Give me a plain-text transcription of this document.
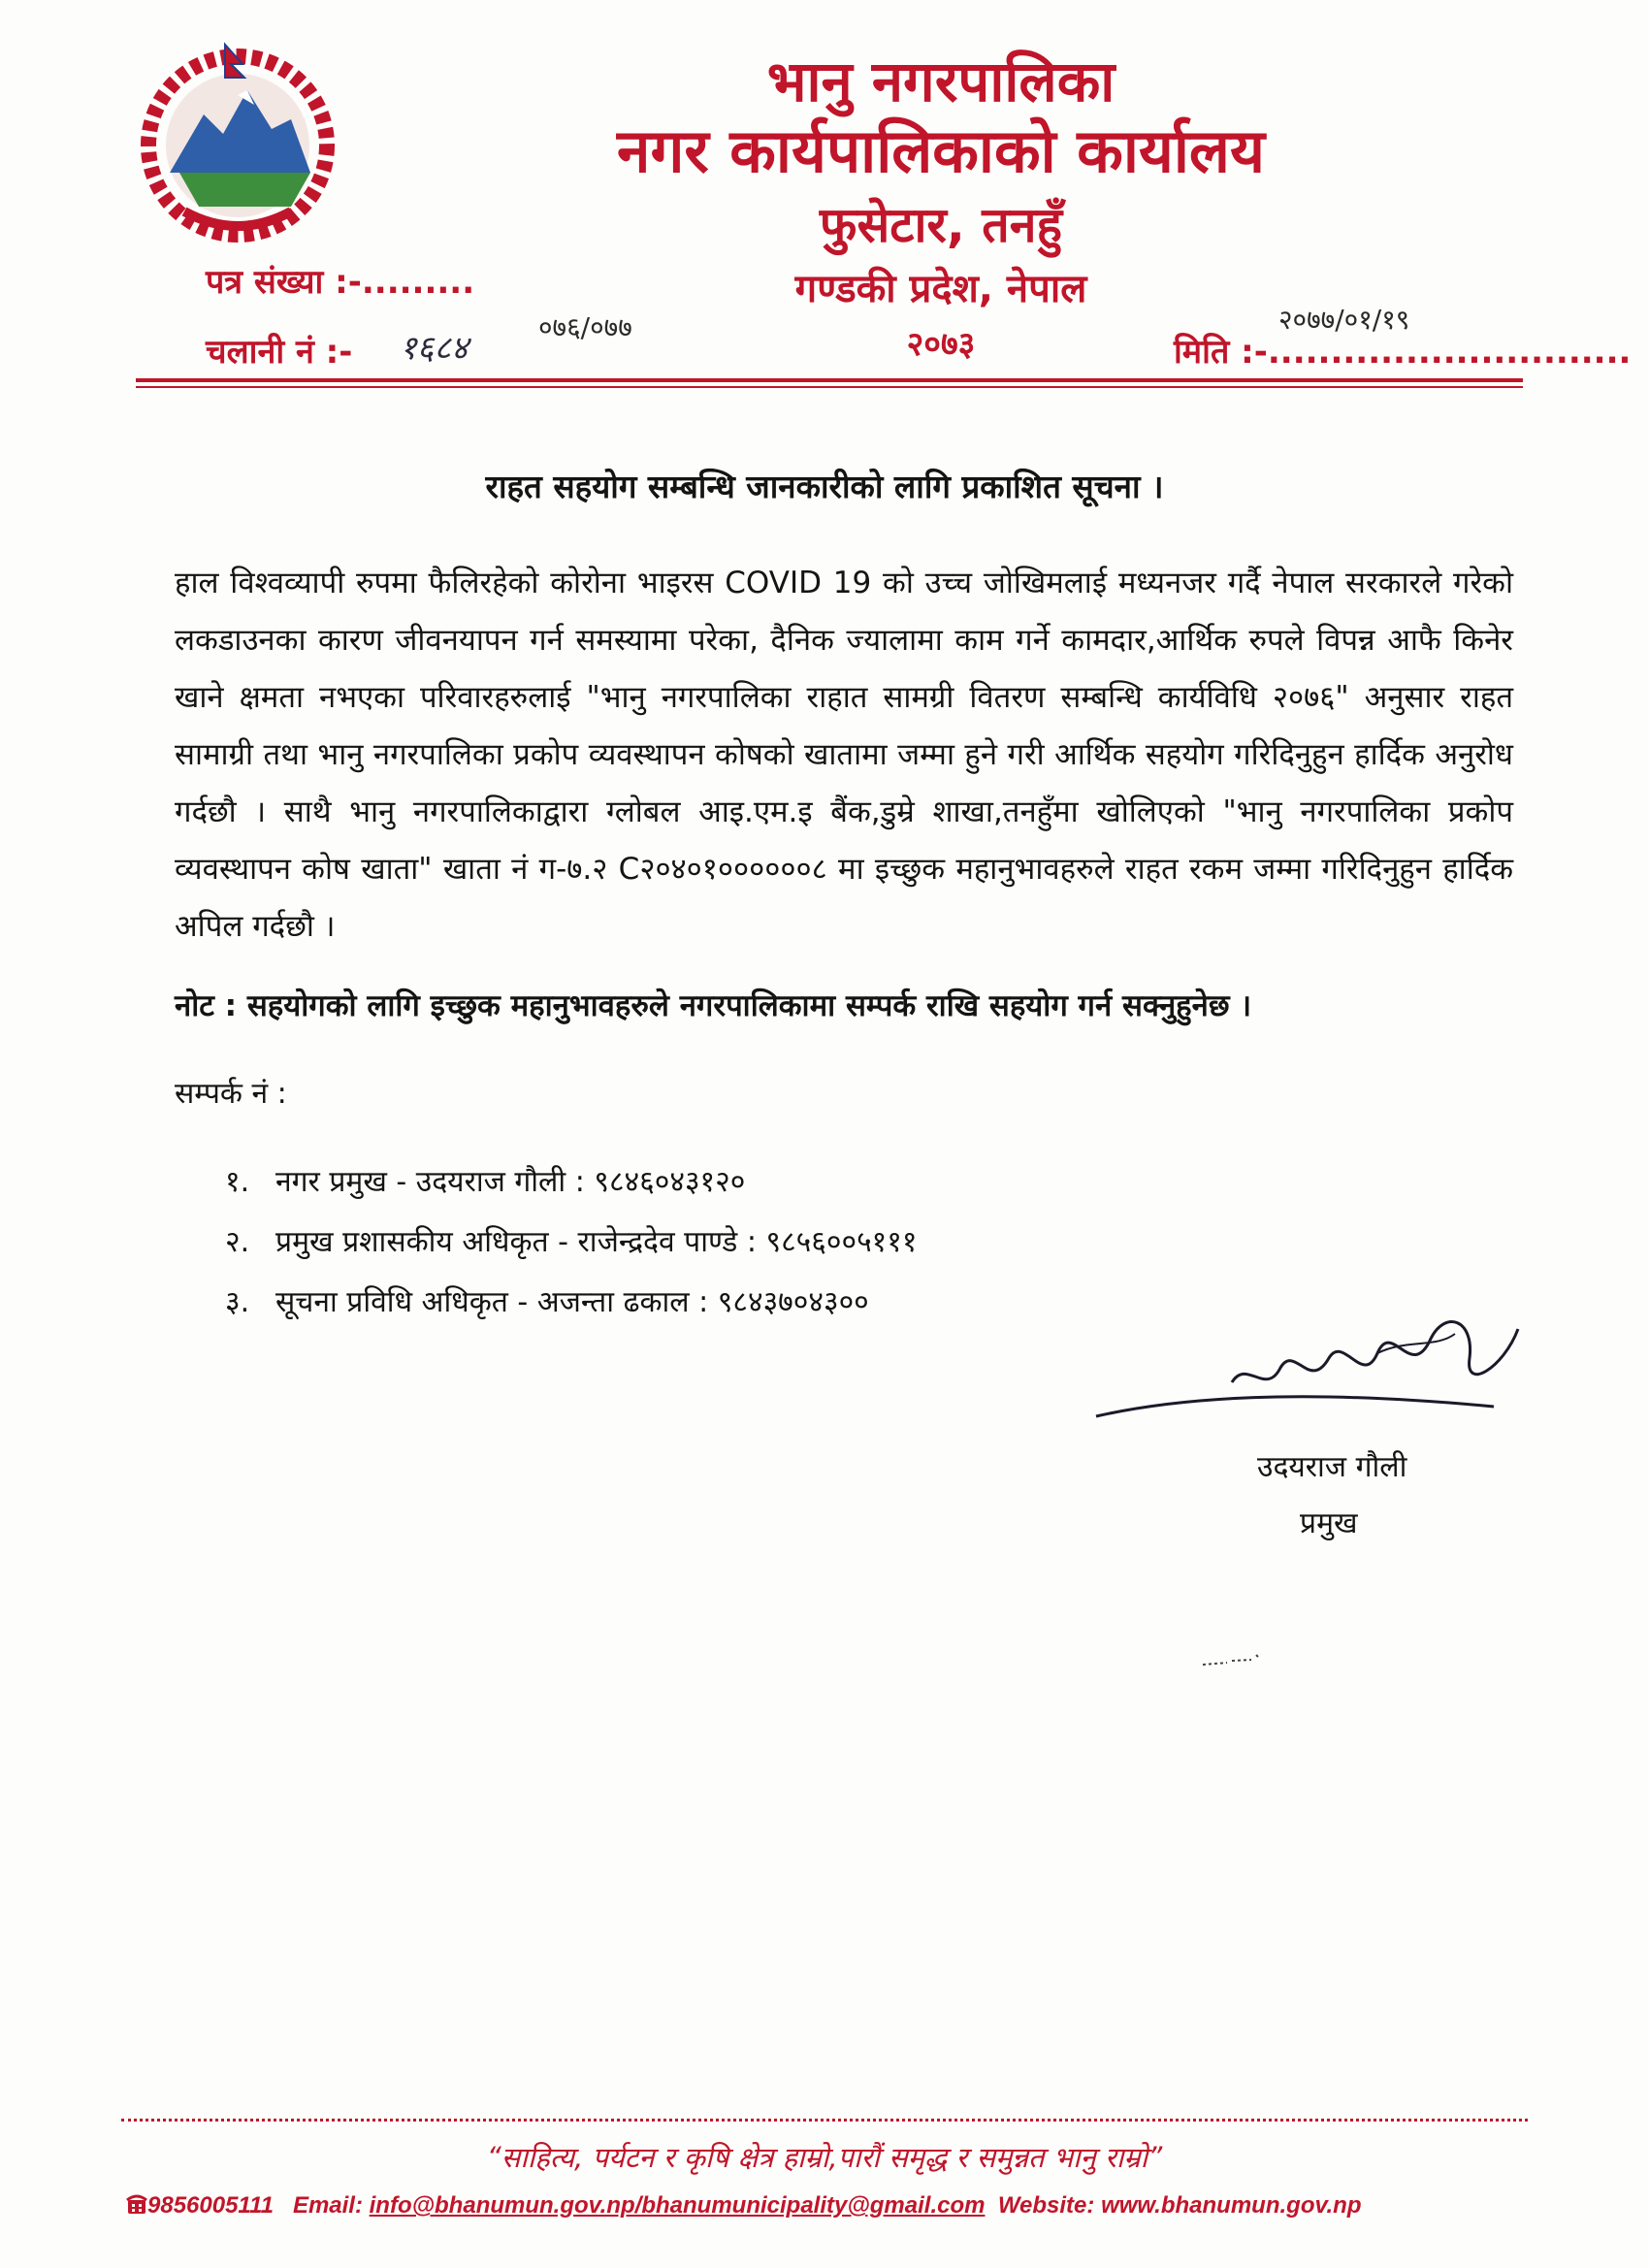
भानु नगरपालिका
नगर कार्यपालिकाको कार्यालय
फुसेटार, तनहुँ
गण्डकी प्रदेश, नेपाल
२०७३
पत्र संख्या :-.........
०७६/०७७
चलानी नं :- १६८४	मिति :-.............................
२०७७/०१/१९
राहत सहयोग सम्बन्धि जानकारीको लागि प्रकाशित सूचना ।
हाल विश्वव्यापी रुपमा फैलिरहेको कोरोना भाइरस COVID 19 को उच्च जोखिमलाई मध्यनजर गर्दै नेपाल सरकारले गरेको लकडाउनका कारण जीवनयापन गर्न समस्यामा परेका, दैनिक ज्यालामा काम गर्ने कामदार,आर्थिक रुपले विपन्न आफै किनेर खाने क्षमता नभएका परिवारहरुलाई "भानु नगरपालिका राहात सामग्री वितरण सम्बन्धि कार्यविधि २०७६" अनुसार राहत सामाग्री तथा भानु नगरपालिका प्रकोप व्यवस्थापन कोषको खातामा जम्मा हुने गरी आर्थिक सहयोग गरिदिनुहुन हार्दिक अनुरोध गर्दछौ । साथै भानु नगरपालिकाद्वारा ग्लोबल आइ.एम.इ बैंक,डुम्रे शाखा,तनहुँमा खोलिएको "भानु नगरपालिका प्रकोप व्यवस्थापन कोष खाता" खाता नं ग-७.२ C२०४०१००००००८ मा इच्छुक महानुभावहरुले राहत रकम जम्मा गरिदिनुहुन हार्दिक अपिल गर्दछौ ।
नोट : सहयोगको लागि इच्छुक महानुभावहरुले नगरपालिकामा सम्पर्क राखि सहयोग गर्न सक्नुहुनेछ ।
सम्पर्क नं :
१. नगर प्रमुख - उदयराज गौली : ९८४६०४३१२०
२. प्रमुख प्रशासकीय अधिकृत - राजेन्द्रदेव पाण्डे : ९८५६००५१११
३. सूचना प्रविधि अधिकृत - अजन्ता ढकाल : ९८४३७०४३००
उदयराज गौली
प्रमुख
“साहित्य, पर्यटन र कृषि क्षेत्र हाम्रो,पारौं समृद्ध र समुन्नत भानु राम्रो”
9856005111 Email: info@bhanumun.gov.np/bhanumunicipality@gmail.com Website: www.bhanumun.gov.np
